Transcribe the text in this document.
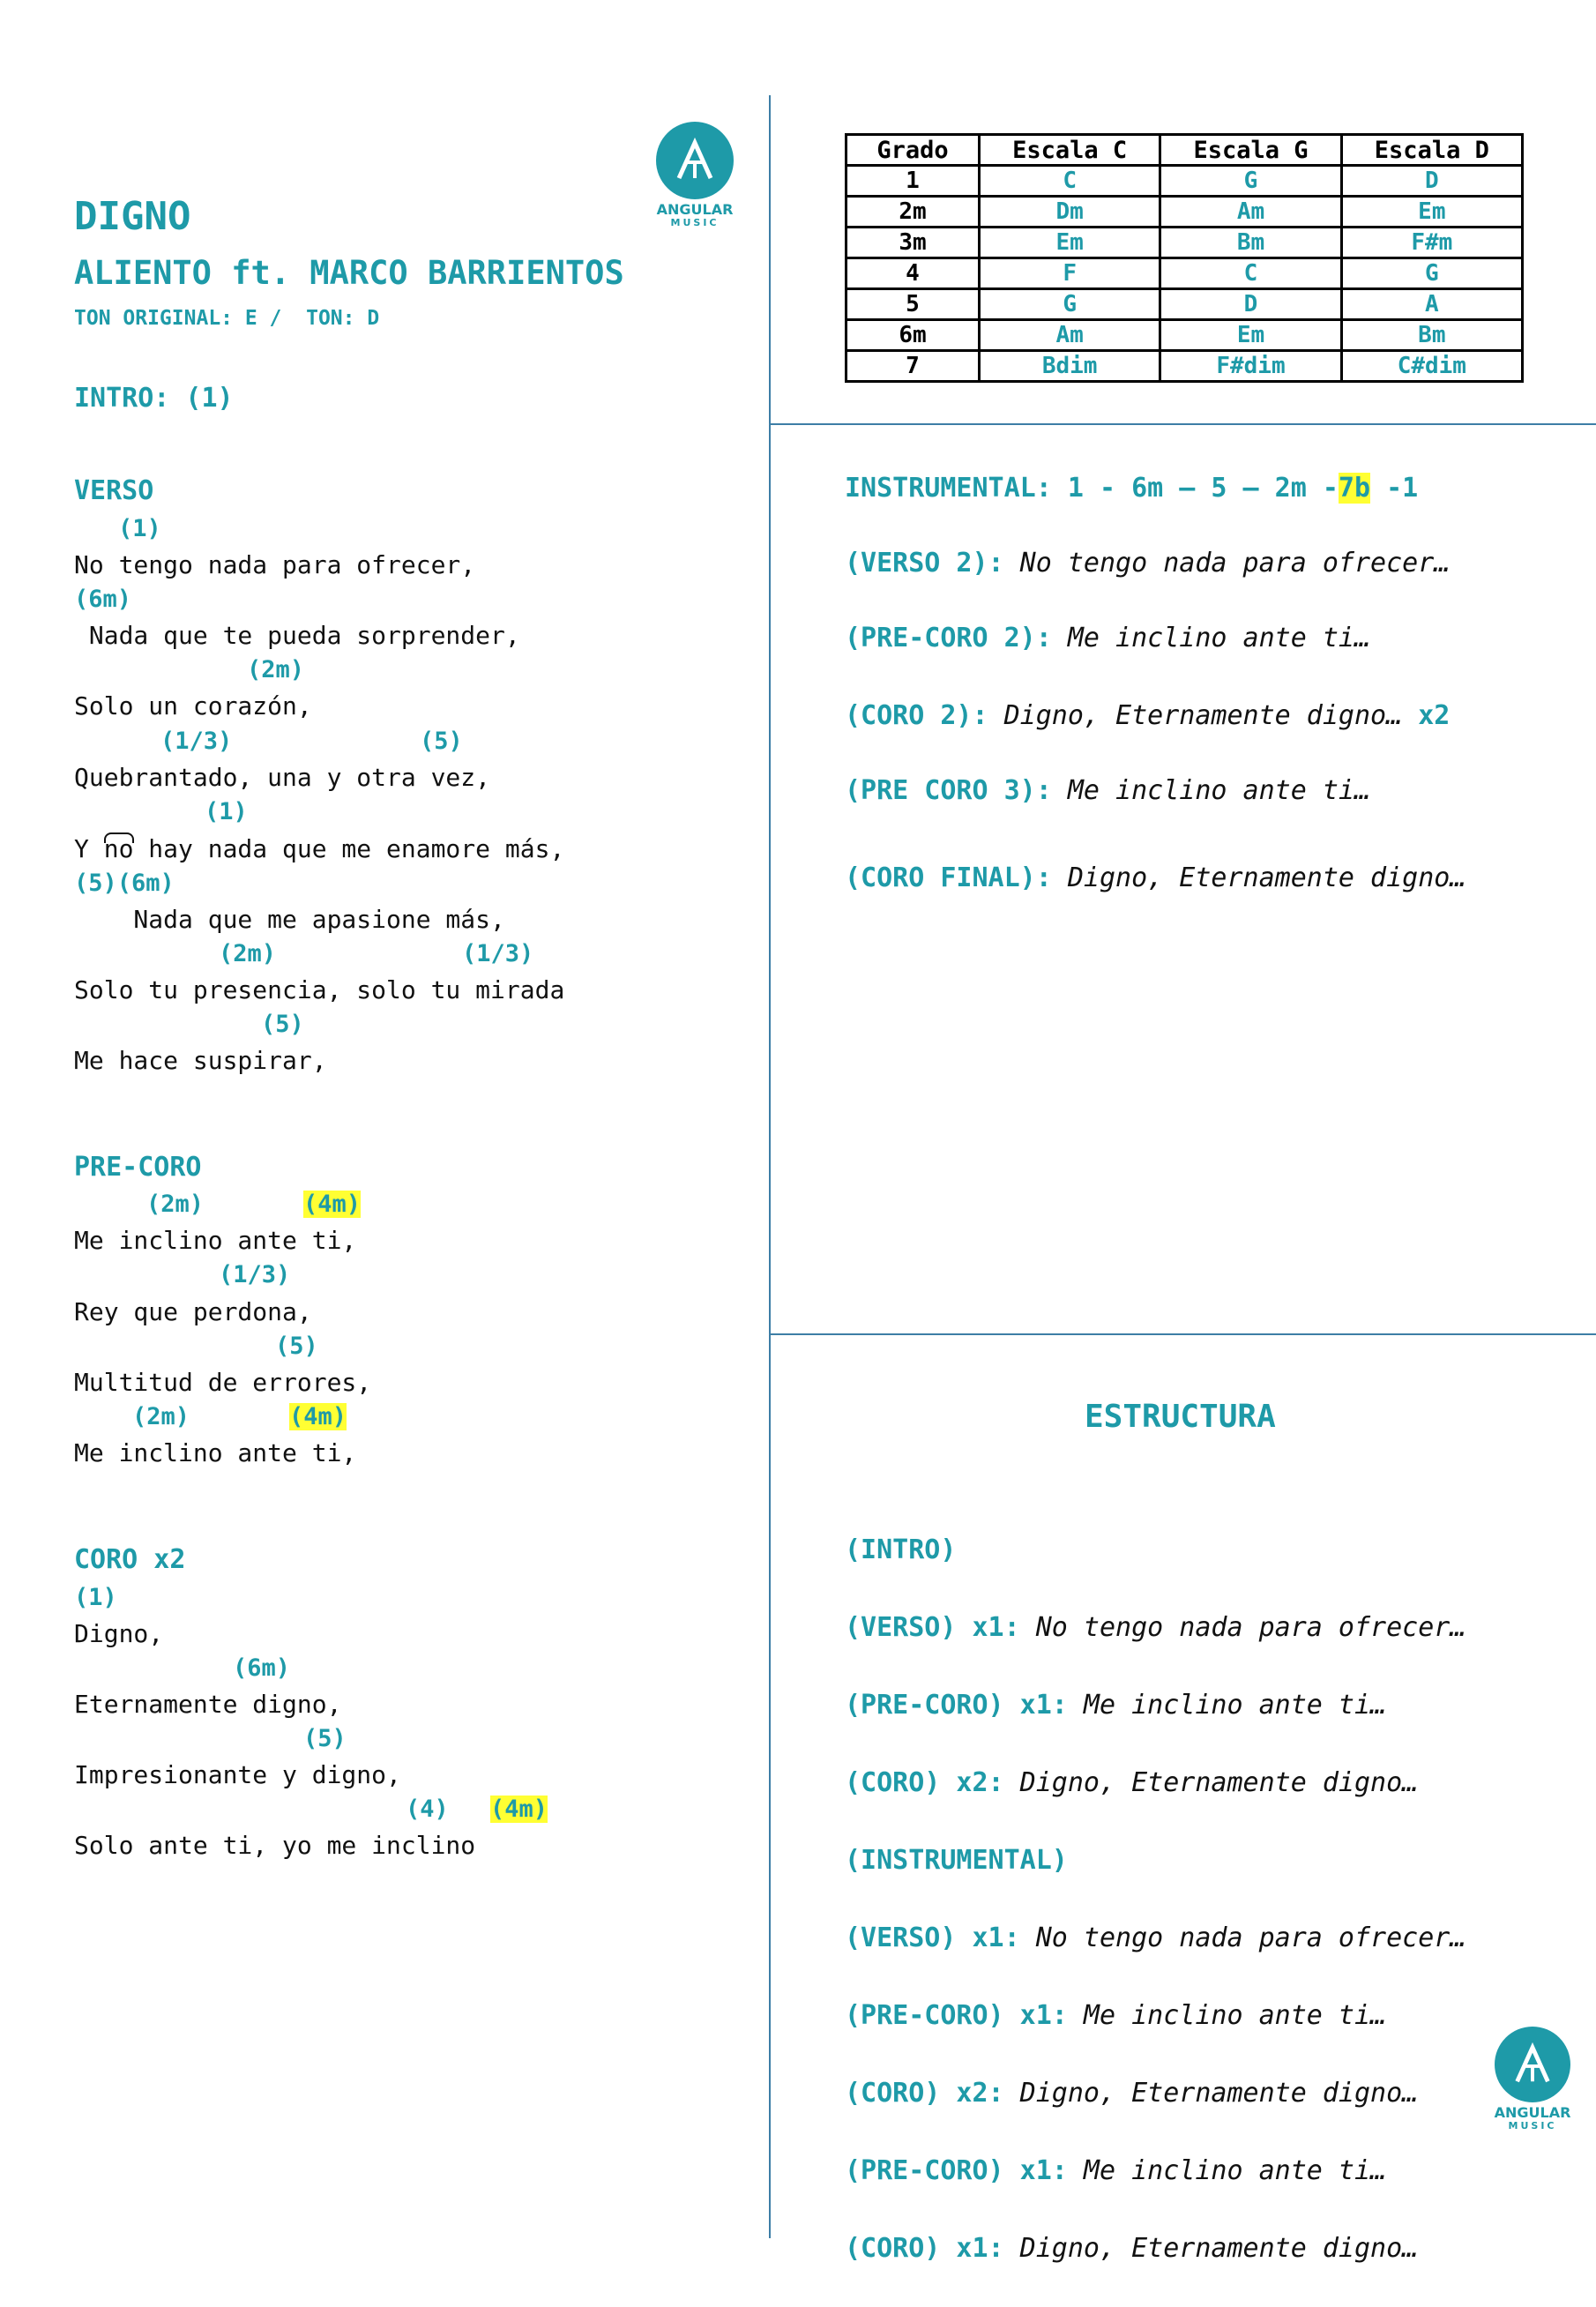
ANGULAR
MUSIC
DIGNO
ALIENTO ft. MARCO BARRIENTOS
TON ORIGINAL: E /  TON: D
INTRO: (1)
VERSO
(1)
No tengo nada para ofrecer,
(6m)
Nada que te pueda sorprender,
(2m)
Solo un corazón,
(1/3)	(5)
Quebrantado, una y otra vez,
(1)
Y no hay nada que me enamore más,
(5)(6m)
Nada que me apasione más,
(2m)	(1/3)
Solo tu presencia, solo tu mirada
(5)
Me hace suspirar,
PRE-CORO
(2m)	(4m)
Me inclino ante ti,
(1/3)
Rey que perdona,
(5)
Multitud de errores,
(2m)	(4m)
Me inclino ante ti,
CORO x2
(1)
Digno,
(6m)
Eternamente digno,
(5)
Impresionante y digno,
(4) (4m)
Solo ante ti, yo me inclino
Grado	Escala C	Escala G	Escala D
1	C	G	D
2m	Dm	Am	Em
3m	Em	Bm	F#m
4	F	C	G
5	G	D	A
6m	Am	Em	Bm
7	Bdim	F#dim	C#dim
INSTRUMENTAL: 1 - 6m – 5 – 2m -7b -1
(VERSO 2): No tengo nada para ofrecer…
(PRE-CORO 2): Me inclino ante ti…
(CORO 2): Digno, Eternamente digno… x2
(PRE CORO 3): Me inclino ante ti…
(CORO FINAL): Digno, Eternamente digno…
ESTRUCTURA

(INTRO)

(VERSO) x1: No tengo nada para ofrecer…

(PRE-CORO) x1: Me inclino ante ti…

(CORO) x2: Digno, Eternamente digno…

(INSTRUMENTAL)

(VERSO) x1: No tengo nada para ofrecer…

(PRE-CORO) x1: Me inclino ante ti…

(CORO) x2: Digno, Eternamente digno…

(PRE-CORO) x1: Me inclino ante ti…

(CORO) x1: Digno, Eternamente digno…

ANGULAR
MUSIC
